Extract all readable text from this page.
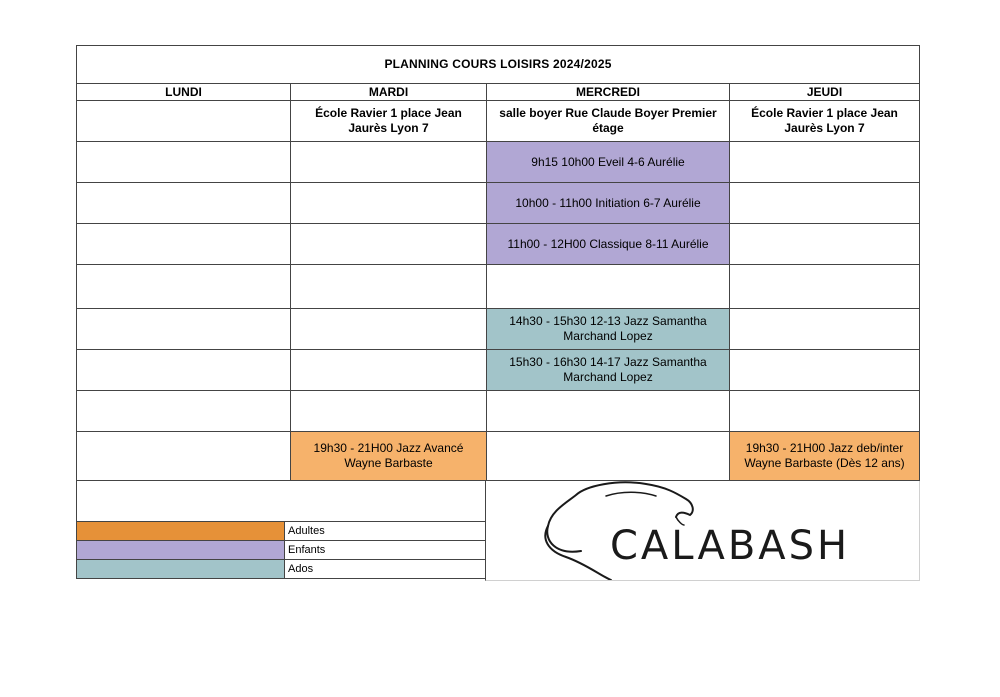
PLANNING COURS LOISIRS 2024/2025			
LUNDI	MARDI	MERCREDI	JEUDI
	École Ravier 1 place Jean Jaurès Lyon 7	salle boyer Rue Claude Boyer Premier étage	École Ravier 1 place Jean Jaurès Lyon 7
		9h15 10h00 Eveil 4-6 Aurélie	
		10h00 - 11h00 Initiation 6-7 Aurélie	
		11h00 - 12H00 Classique 8-11 Aurélie	

		14h30 - 15h30 12-13 Jazz Samantha Marchand Lopez	
		15h30 - 16h30 14-17 Jazz Samantha Marchand Lopez	

	19h30 - 21H00 Jazz Avancé Wayne Barbaste		19h30 - 21H00 Jazz deb/inter Wayne Barbaste (Dès 12 ans)
	Adultes
	Enfants
	Ados	CALABASH
